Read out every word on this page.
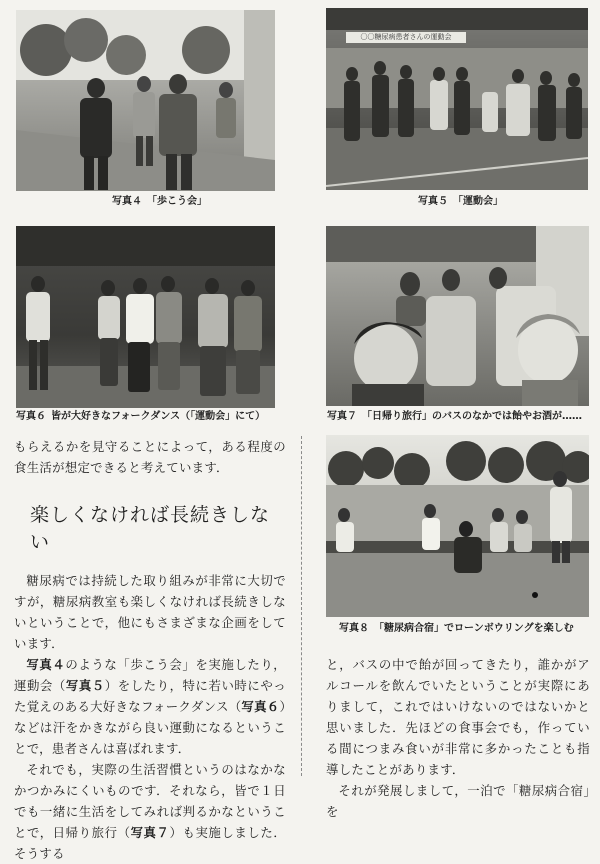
写真４ 「歩こう会」
〇〇糖尿病患者さんの運動会
写真５ 「運動会」
写真６ 皆が大好きなフォークダンス（「運動会」にて）	写真７ 「日帰り旅行」のバスのなかでは飴やお酒が……
写真８ 「糖尿病合宿」でローンボウリングを楽しむ

もらえるかを見守ることによって，ある程度の食生活が想定できると考えています．

楽しくなければ長続きしない

糖尿病では持続した取り組みが非常に大切ですが，糖尿病教室も楽しくなければ長続きしないということで，他にもさまざまな企画をしています．

写真４のような「歩こう会」を実施したり，運動会（写真５）をしたり，特に若い時にやった覚えのある大好きなフォークダンス（写真６）などは汗をかきながら良い運動になるということで，患者さんは喜ばれます．

それでも，実際の生活習慣というのはなかなかつかみにくいものです．それなら，皆で１日でも一緒に生活をしてみれば判るかなということで，日帰り旅行（写真７）も実施しました．そうする

と，バスの中で飴が回ってきたり，誰かがアルコールを飲んでいたということが実際にありまして，これではいけないのではないかと思いました．先ほどの食事会でも，作っている間につまみ食いが非常に多かったことも指導したことがあります．

それが発展しまして，一泊で「糖尿病合宿」を
